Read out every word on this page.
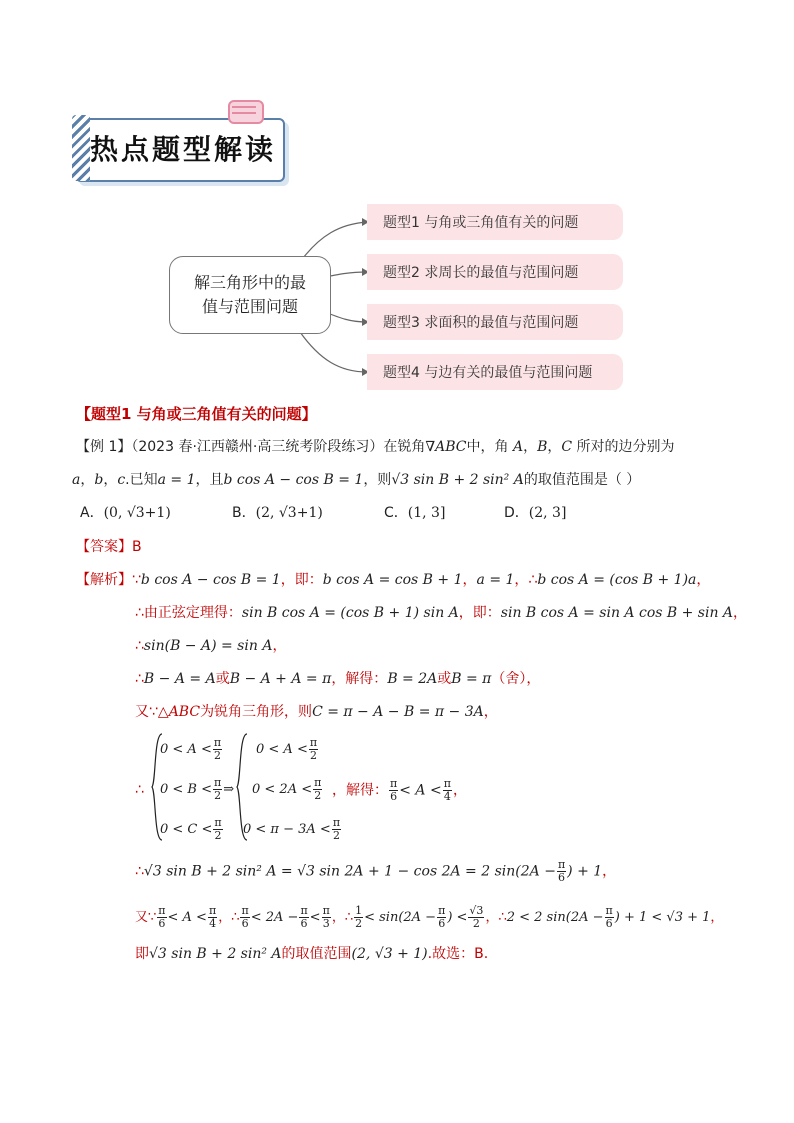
热点题型解读
解三角形中的最
值与范围问题
题型1 与角或三角值有关的问题
题型2 求周长的最值与范围问题
题型3 求面积的最值与范围问题
题型4 与边有关的最值与范围问题
【题型1 与角或三角值有关的问题】
【例 1】（2023 春·江西赣州·高三统考阶段练习）在锐角∇ABC中，角 A，B，C 所对的边分别为
a，b，c.已知a = 1，且b cos A − cos B = 1，则√3 sin B + 2 sin² A的取值范围是（ ）
A．(0, √3+1)	B．(2, √3+1)	C．(1, 3]	D．(2, 3]
【答案】B
【解析】∵b cos A − cos B = 1，即：b cos A = cos B + 1，a = 1，∴b cos A = (cos B + 1)a，
∴由正弦定理得：sin B cos A = (cos B + 1) sin A，即：sin B cos A = sin A cos B + sin A，
∴sin(B − A) = sin A，
∴B − A = A或B − A + A = π，解得：B = 2A或B = π（舍），
又∵△ABC为锐角三角形，则C = π − A − B = π − 3A，
∴
$0 < A < \frac{\pi}{2}$
$0 < B < \frac{\pi}{2}$ ⇒
$0 < C < \frac{\pi}{2}$
$0 < A < \frac{\pi}{2}$
$0 < 2A < \frac{\pi}{2}$
$0 < \pi - 3A < \frac{\pi}{2}$
，解得： $\frac{\pi}{6} < A < \frac{\pi}{4}$ ，
∴√3 sin B + 2 sin² A = √3 sin 2A + 1 − cos 2A = 2 $\sin(2A - \frac{\pi}{6}$ ) + 1，
又∵ $\frac{\pi}{6} < A < \frac{\pi}{4}$ ，∴ $\frac{\pi}{6} < 2A - \frac{\pi}{6} < \frac{\pi}{3}$ ，∴ $\frac{1}{2} < \sin(2A - \frac{\pi}{6}$ ) < $\frac{√3}{2}$ ，∴2 < 2 $\sin(2A - \frac{\pi}{6}$ ) + 1 < √3 + 1，
即√3 sin B + 2 sin² A的取值范围(2, √3 + 1).故选：B.
